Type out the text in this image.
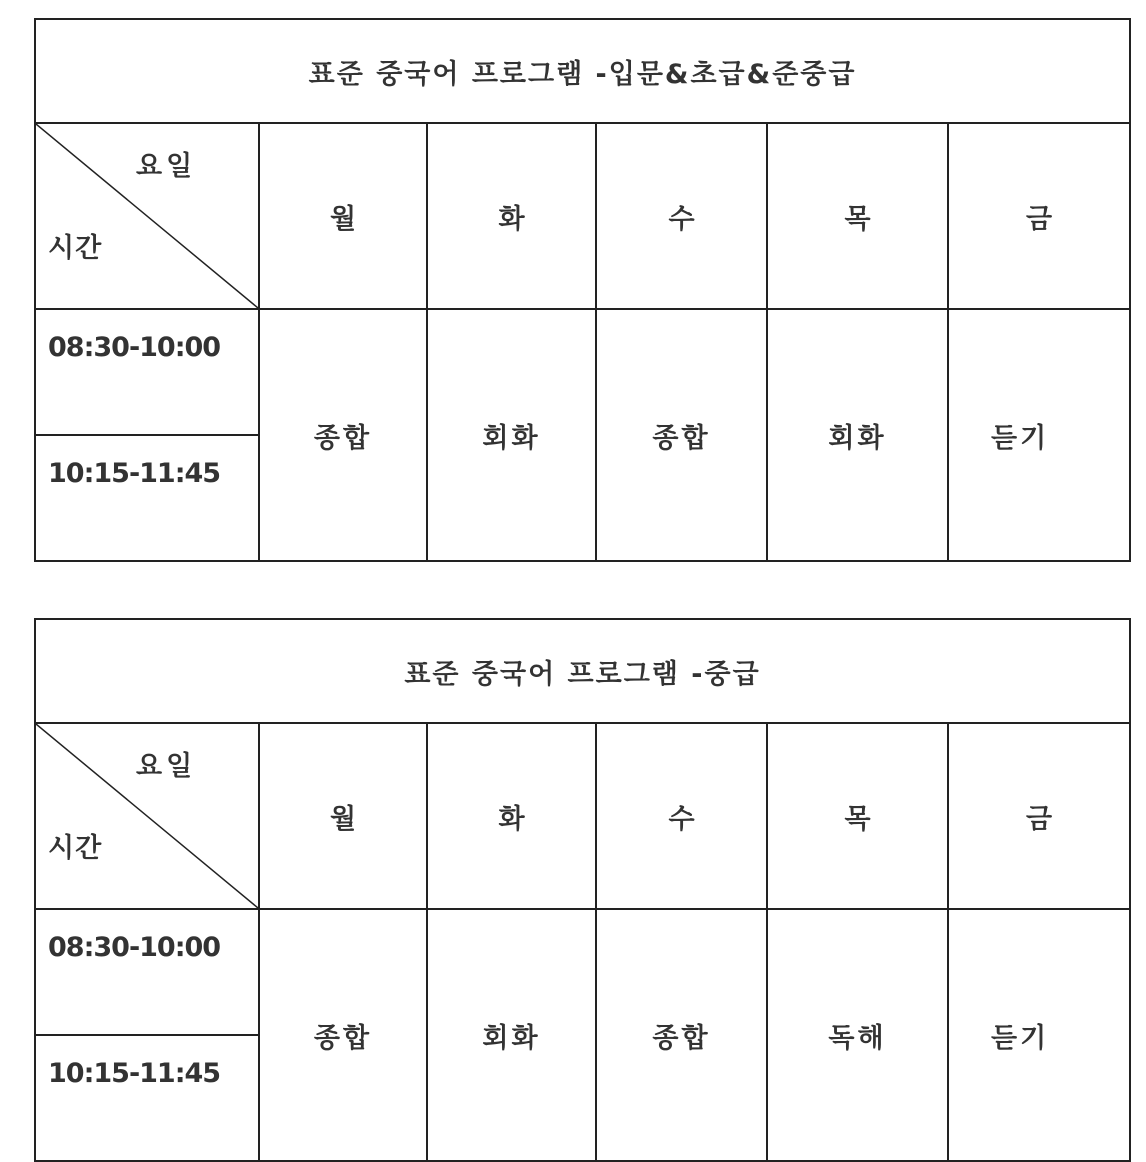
표준 중국어 프로그램 -입문&초급&준중급					

요일
시간	월	화	수	목	금
08:30-10:00	종합	회화	종합	회화	듣기
10:15-11:45					
표준 중국어 프로그램 -중급					

요일
시간	월	화	수	목	금
08:30-10:00	종합	회화	종합	독해	듣기
10:15-11:45					
